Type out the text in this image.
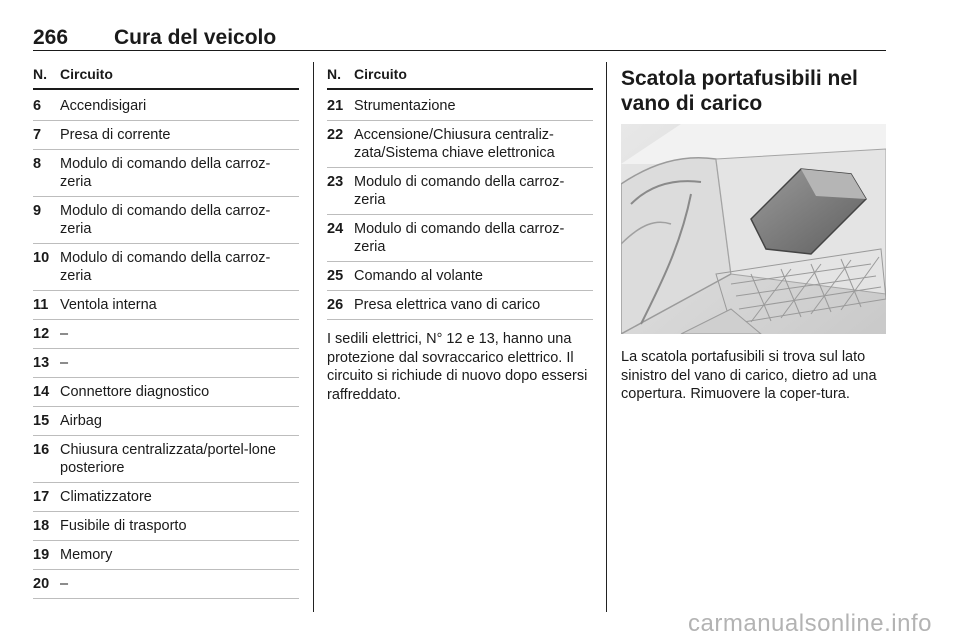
266 Cura del veicolo
N. Circuito
6	Accendisigari
7	Presa di corrente
8	Modulo di comando della carroz-zeria
9	Modulo di comando della carroz-zeria
10 Modulo di comando della carroz-zeria
11 Ventola interna
12 –
13 –
14 Connettore diagnostico
15 Airbag
16 Chiusura centralizzata/portel-lone posteriore
17 Climatizzatore
18 Fusibile di trasporto
19 Memory
20 –
N. Circuito
21 Strumentazione
22 Accensione/Chiusura centraliz-zata/Sistema chiave elettronica
23 Modulo di comando della carroz-zeria
24 Modulo di comando della carroz-zeria
25 Comando al volante
26 Presa elettrica vano di carico

I sedili elettrici, N° 12 e 13, hanno una protezione dal sovraccarico elettrico. Il circuito si richiude di nuovo dopo essersi raffreddato.

Scatola portafusibili nel vano di carico

La scatola portafusibili si trova sul lato sinistro del vano di carico, dietro ad una copertura. Rimuovere la coper-tura.

carmanualsonline.info
